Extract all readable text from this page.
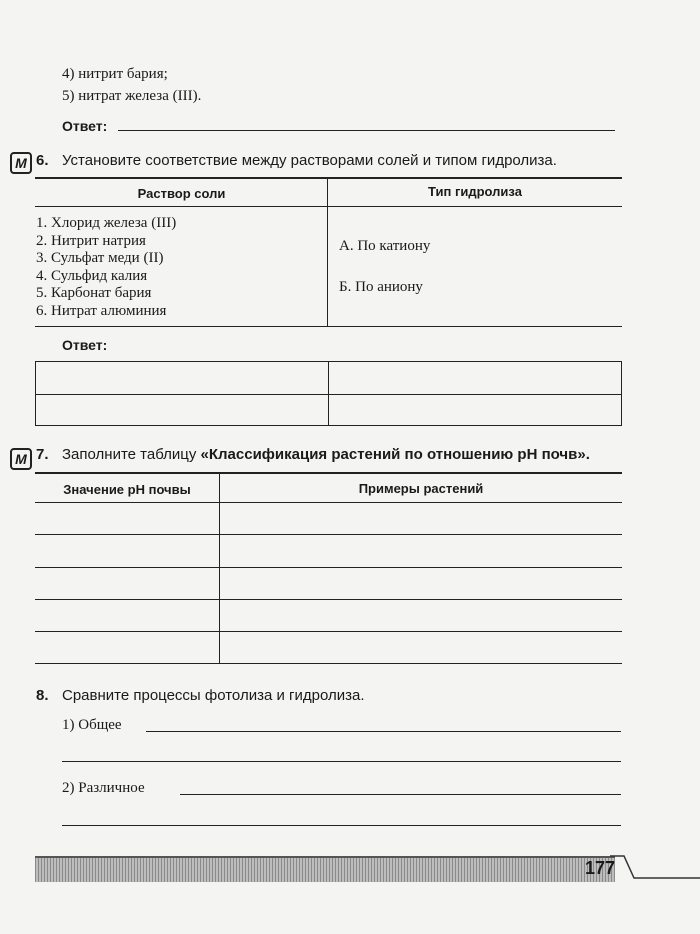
4) нитрит бария;
5) нитрат железа (III).
Ответ:
M 6. Установите соответствие между растворами солей и типом гидролиза.
Раствор соли	Тип гидролиза
1. Хлорид железа (III)
2. Нитрит натрия
3. Сульфат меди (II)
4. Сульфид калия
5. Карбонат бария
6. Нитрат алюминия
А. По катиону
Б. По аниону
Ответ:
M 7. Заполните таблицу «Классификация растений по отношению pH почв».
Значение pH почвы	Примеры растений
8. Сравните процессы фотолиза и гидролиза.
1) Общее
2) Различное
177
